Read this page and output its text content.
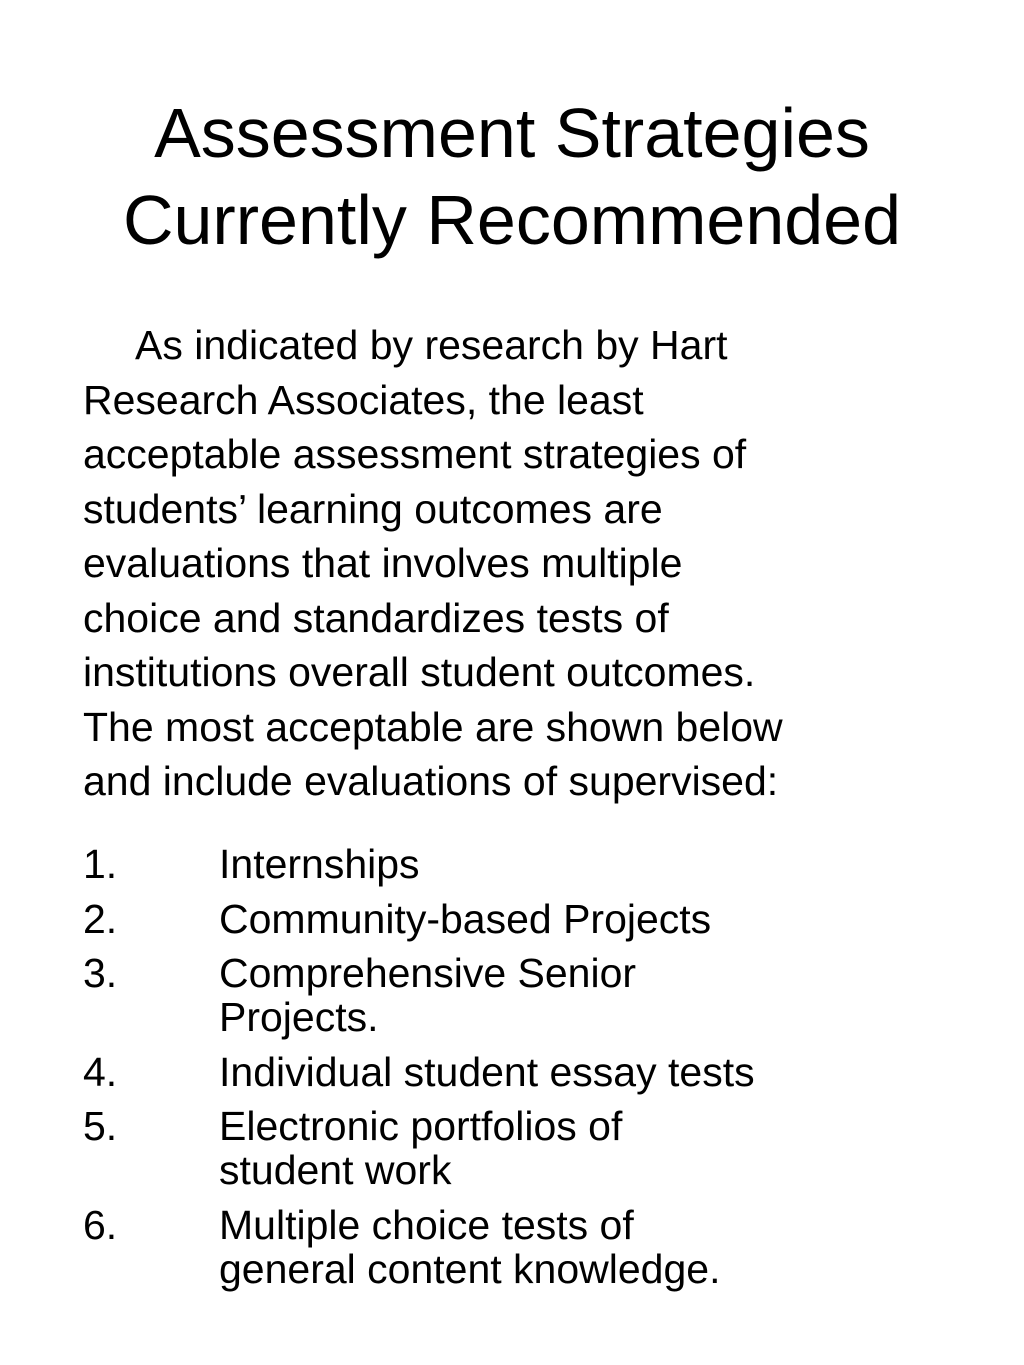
Assessment Strategies
Currently Recommended

As indicated by research by Hart
Research Associates, the least
acceptable assessment strategies of
students’ learning outcomes are
evaluations that involves multiple
choice and standardizes tests of
institutions overall student outcomes.
The most acceptable are shown below
and include evaluations of supervised:

1. Internships
2. Community-based Projects
3. Comprehensive Senior
Projects.
4. Individual student essay tests
5. Electronic portfolios of
student work
6. Multiple choice tests of
general content knowledge.
